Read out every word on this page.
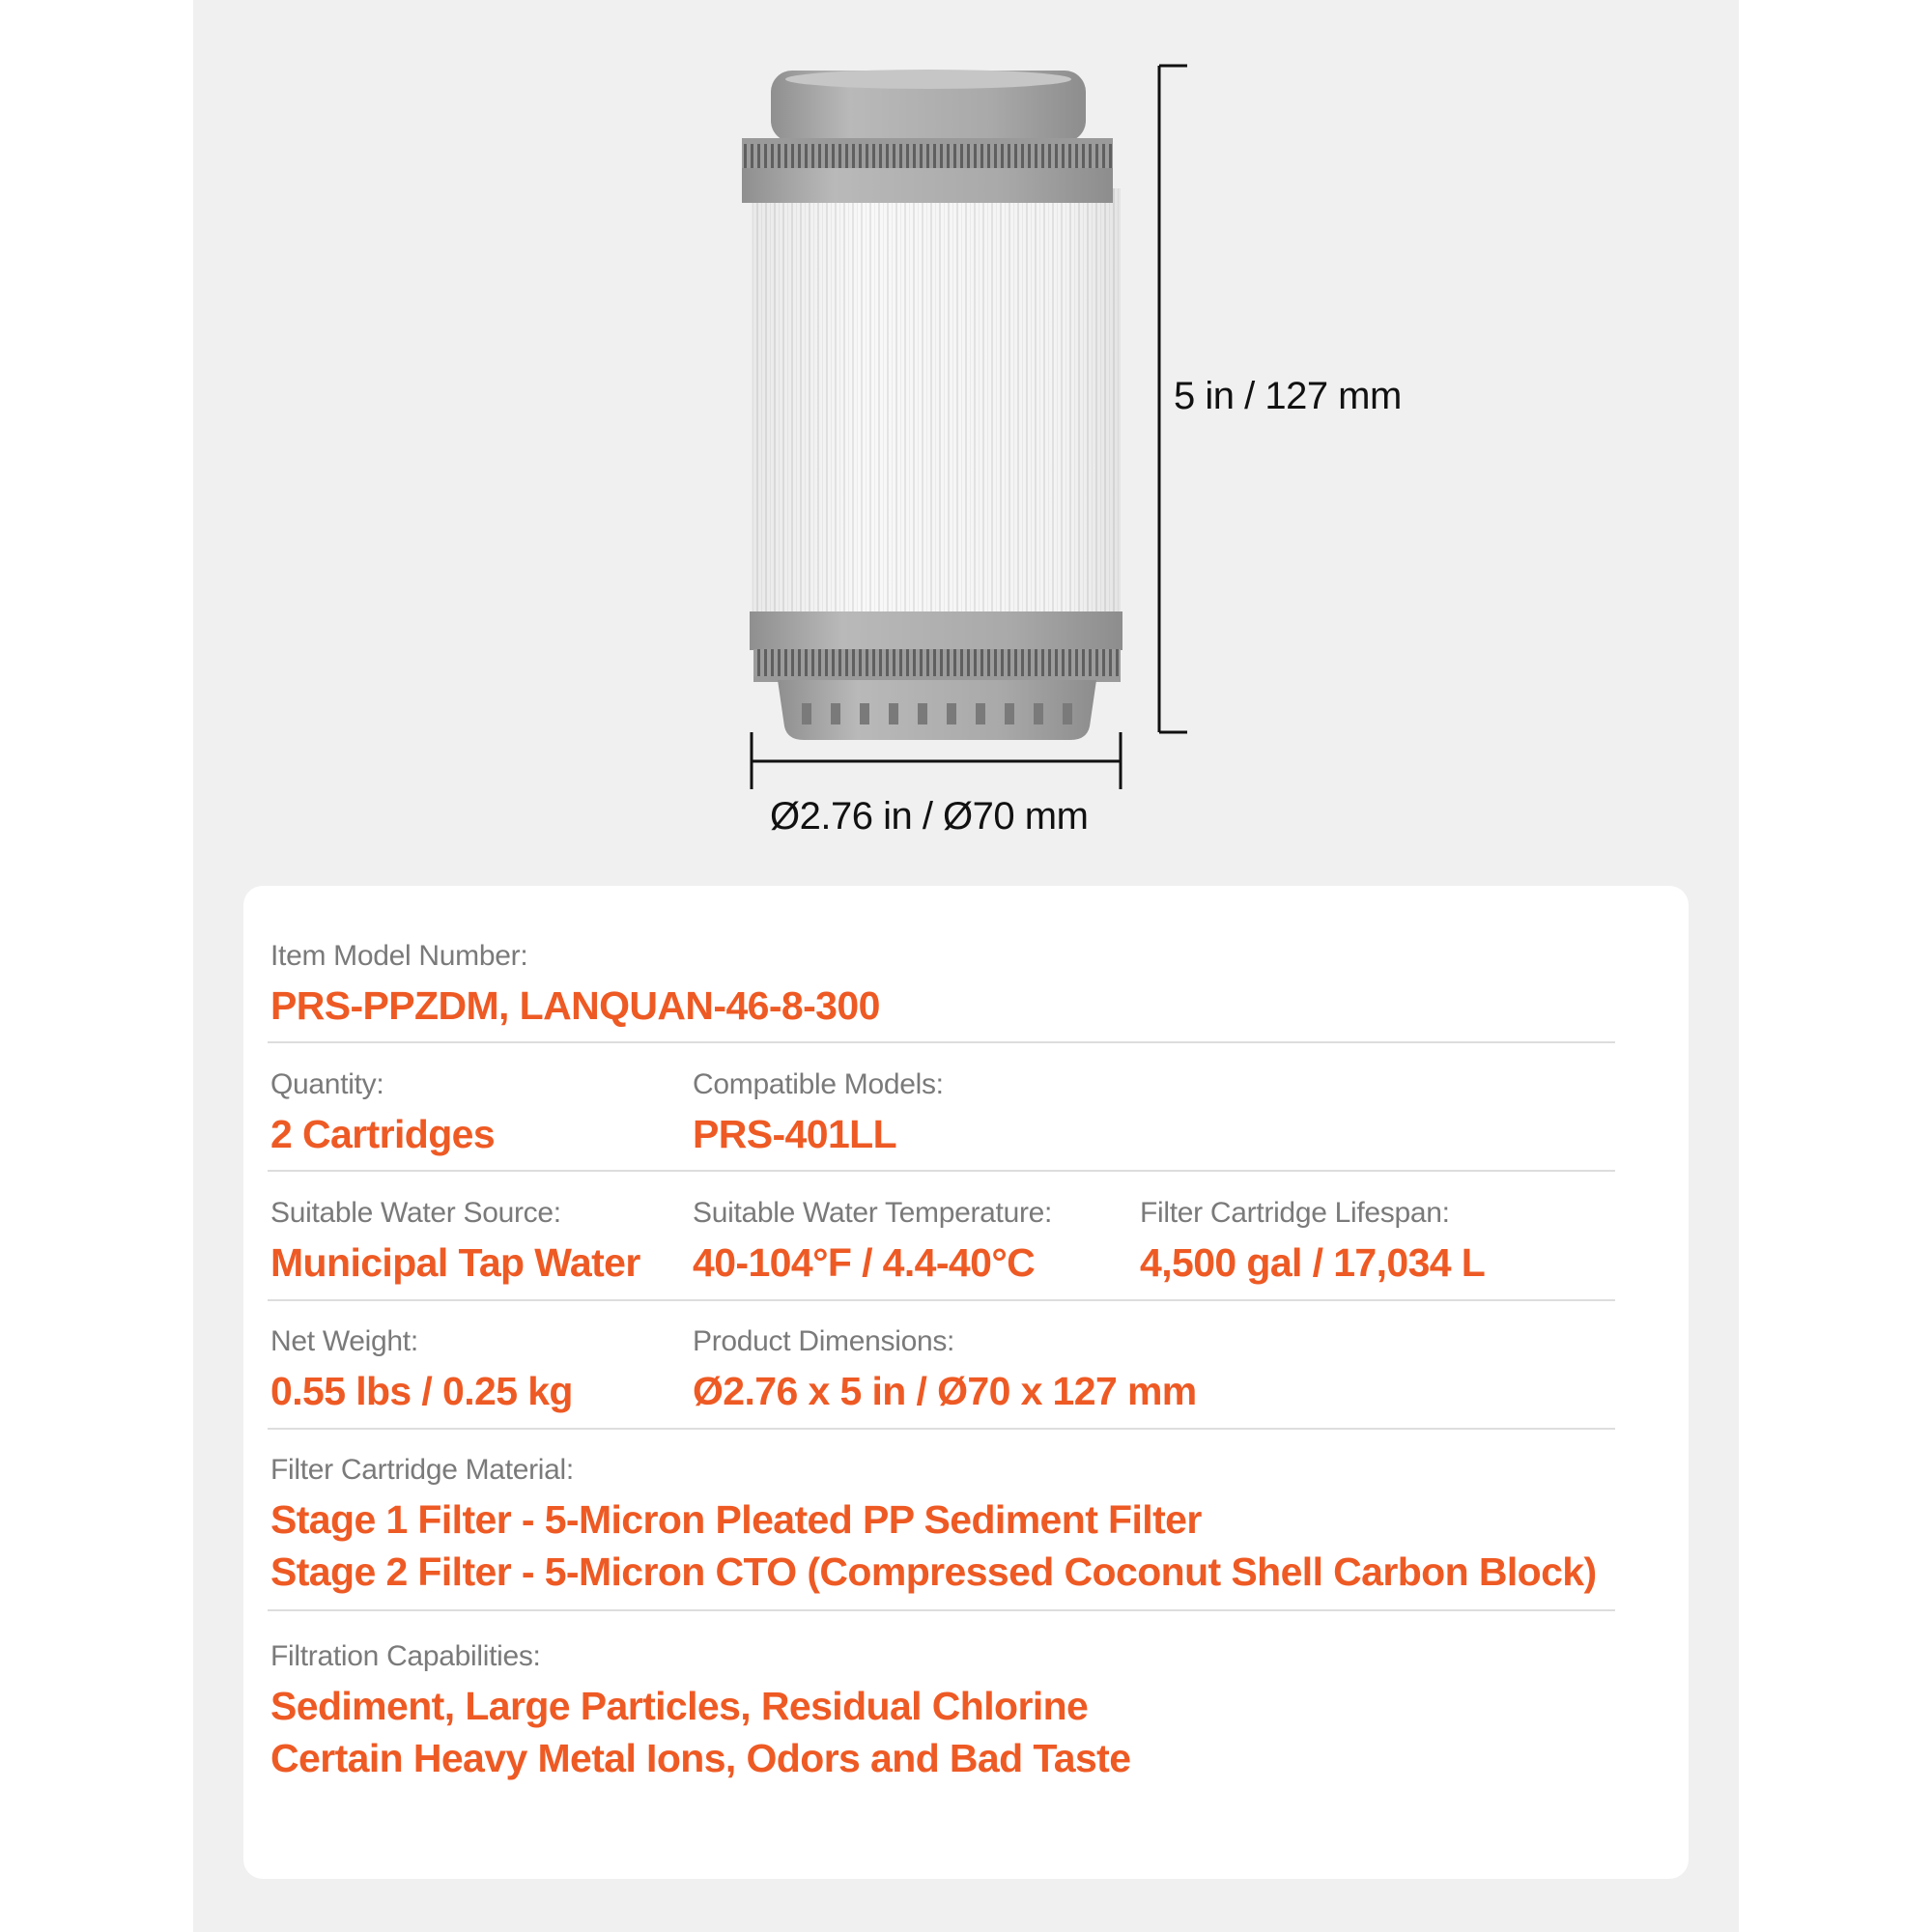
5 in / 127 mm
Ø2.76 in / Ø70 mm
Item Model Number:
PRS-PPZDM, LANQUAN-46-8-300
Quantity:
2 Cartridges
Compatible Models:
PRS-401LL
Suitable Water Source:
Municipal Tap Water
Suitable Water Temperature:
40-104°F / 4.4-40°C
Filter Cartridge Lifespan:
4,500 gal / 17,034 L
Net Weight:
0.55 lbs / 0.25 kg
Product Dimensions:
Ø2.76 x 5 in / Ø70 x 127 mm
Filter Cartridge Material:
Stage 1 Filter - 5-Micron Pleated PP Sediment Filter
Stage 2 Filter - 5-Micron CTO (Compressed Coconut Shell Carbon Block)
Filtration Capabilities:
Sediment, Large Particles, Residual Chlorine
Certain Heavy Metal Ions, Odors and Bad Taste
